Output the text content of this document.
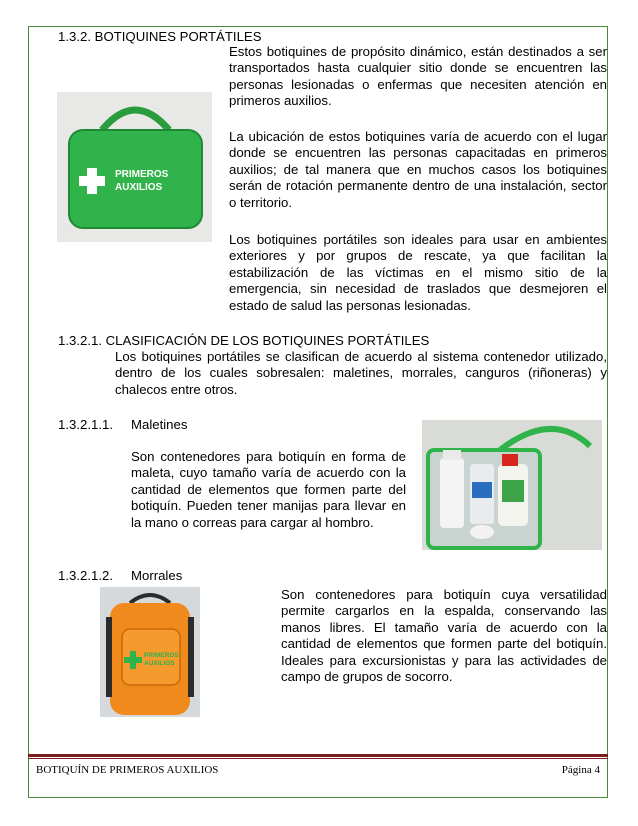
1.3.2. BOTIQUINES PORTÁTILES
PRIMEROS
AUXILIOS
Estos botiquines de propósito dinámico, están destinados a ser transportados hasta cualquier sitio donde se encuentren las personas lesionadas o enfermas que necesiten atención en primeros auxilios.
La ubicación de estos botiquines varía de acuerdo con el lugar donde se encuentren las personas capacitadas en primeros auxilios; de tal manera que en muchos casos los botiquines serán de rotación permanente dentro de una instalación, sector o territorio.
Los botiquines portátiles son ideales para usar en ambientes exteriores y por grupos de rescate, ya que facilitan la estabilización de las víctimas en el mismo sitio de la emergencia, sin necesidad de traslados que desmejoren el estado de salud las personas lesionadas.
1.3.2.1. CLASIFICACIÓN DE LOS BOTIQUINES PORTÁTILES
Los botiquines portátiles se clasifican de acuerdo al sistema contenedor utilizado, dentro de los cuales sobresalen: maletines, morrales, canguros (riñoneras) y chalecos entre otros.
1.3.2.1.1. Maletines
Son contenedores para botiquín en forma de maleta, cuyo tamaño varía de acuerdo con la cantidad de elementos que formen parte del botiquín. Pueden tener manijas para llevar en la mano o correas para cargar al hombro.
1.3.2.1.2. Morrales
PRIMEROS
AUXILIOS
Son contenedores para botiquín cuya versatilidad permite cargarlos en la espalda, conservando las manos libres. El tamaño varía de acuerdo con la cantidad de elementos que formen parte del botiquín. Ideales para excursionistas y para las actividades de campo de grupos de socorro.
BOTIQUÍN DE PRIMEROS AUXILIOS	Página 4
